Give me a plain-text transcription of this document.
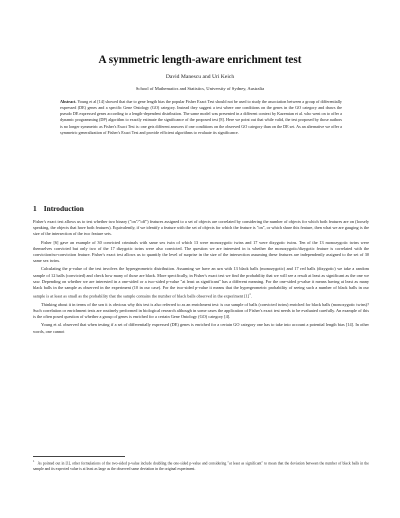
A symmetric length-aware enrichment test
David Manescu and Uri Keich
School of Mathematics and Statistics, University of Sydney, Australia

Abstract. Young et al [14] showed that due to gene length bias the popular Fisher Exact Test should not be used to study the association between a group of differentially expressed (DE) genes and a specific Gene Ontology (GO) category. Instead they suggest a test where one conditions on the genes in the GO category and draws the pseudo DE expressed genes according to a length-dependent distribution. The same model was presented in a different context by Kazemian et al. who went on to offer a dynamic programming (DP) algorithm to exactly estimate the significance of the proposed test [8]. Here we point out that while valid, the test proposed by those authors is no longer symmetric as Fisher's Exact Test is: one gets different answers if one conditions on the observed GO category than on the DE set. As an alternative we offer a symmetric generalization of Fisher's Exact Test and provide efficient algorithms to evaluate its significance.

1 Introduction

Fisher's exact test allows us to test whether two binary ("on"/"off") features assigned to a set of objects are correlated by considering the number of objects for which both features are on (loosely speaking, the objects that have both features). Equivalently, if we identify a feature with the set of objects for which the feature is "on", or which share this feature, then what we are gauging is the size of the intersection of the two feature sets.

Fisher [6] gave an example of 30 convicted criminals with same sex twin of which 13 were monozygotic twins and 17 were dizygotic twins. Ten of the 13 monozygotic twins were themselves convicted but only two of the 17 dizygotic twins were also convicted. The question we are interested in is whether the monozygotic/dizygotic feature is correlated with the conviction/no-conviction feature. Fisher's exact test allows us to quantify the level of surprise in the size of the intersection assuming these features are independently assigned to the set of 30 same sex twins.

Calculating the p-value of the test involves the hypergeometric distribution. Assuming we have an urn with 13 black balls (monozygotic) and 17 red balls (dizygotic) we take a random sample of 12 balls (convicted) and check how many of those are black. More specifically, in Fisher's exact test we find the probability that we will see a result at least as significant as the one we saw. Depending on whether we are interested in a one-sided or a two-sided p-value "at least as significant" has a different meaning. For the one-sided p-value it means having at least as many black balls in the sample as observed in the experiment (10 in our case). For the two-sided p-value it means that the hypergeometric probability of seeing such a number of black balls in our sample is at least as small as the probability that the sample contains the number of black balls observed in the experiment $[1]^1$.

Thinking about it in terms of the urn it is obvious why this test is also referred to as an enrichment test: is our sample of balls (convicted twins) enriched for black balls (monozygotic twins)? Such correlation or enrichment tests are routinely performed in biological research although in some cases the application of Fisher's exact test needs to be evaluated carefully. An example of this is the often posed question of whether a group of genes is enriched for a certain Gene Ontology (GO) category [4].

Young et al. observed that when testing if a set of differentially expressed (DE) genes is enriched for a certain GO category one has to take into account a potential length bias [14]. In other words, one cannot

$^1$As pointed out in [1], other formulations of the two-sided p-value include doubling the one-sided p-value and considering "at least as significant" to mean that the deviation between the number of black balls in the sample and its expected value is at least as large as the observed same deviation in the original experiment.
